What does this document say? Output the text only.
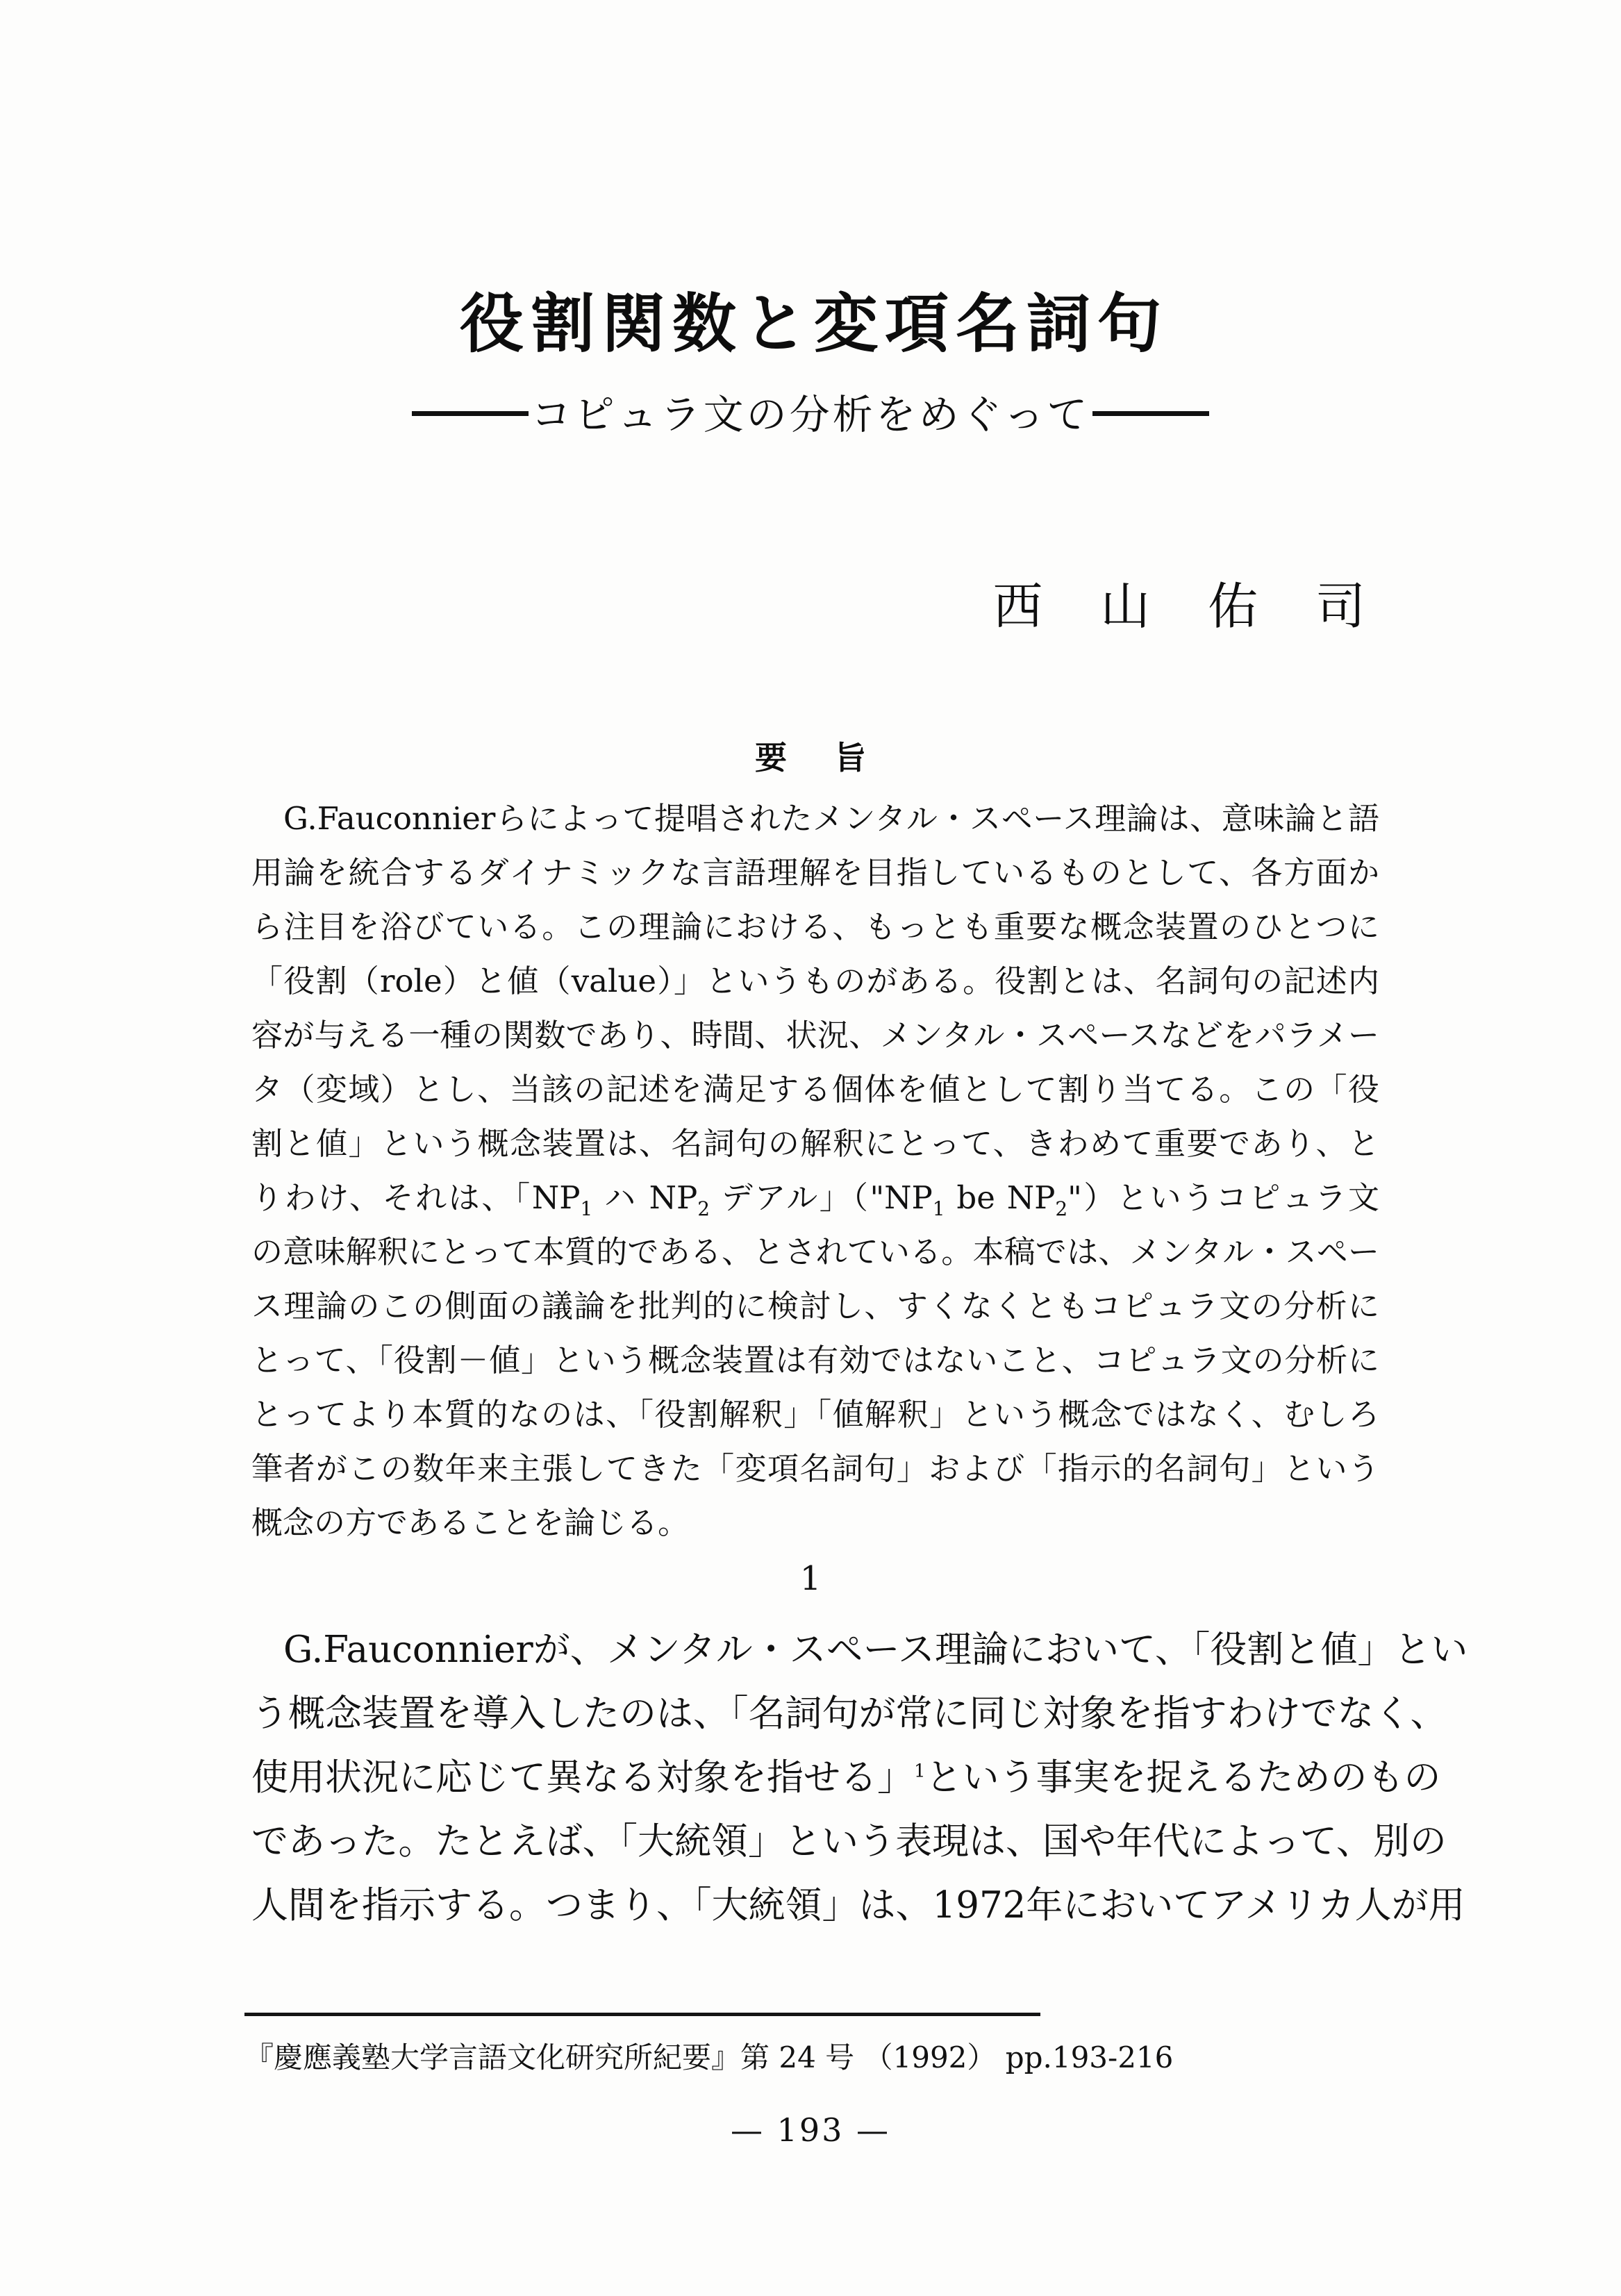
役割関数と変項名詞句
コピュラ文の分析をめぐって
西 山 佑 司
要 旨
G.Fauconnierらによって提唱されたメンタル・スペース理論は、意味論と語
用論を統合するダイナミックな言語理解を目指しているものとして、各方面か
ら注目を浴びている。この理論における、もっとも重要な概念装置のひとつに
「役割（role）と値（value）」というものがある。役割とは、名詞句の記述内
容が与える一種の関数であり、時間、状況、メンタル・スペースなどをパラメー
タ（変域）とし、当該の記述を満足する個体を値として割り当てる。この「役
割と値」という概念装置は、名詞句の解釈にとって、きわめて重要であり、と
りわけ、それは、「$NP_1$ ハ $NP_2$ デアル」（"$NP_1$ be $NP_2$"）というコピュラ文
の意味解釈にとって本質的である、とされている。本稿では、メンタル・スペー
ス理論のこの側面の議論を批判的に検討し、すくなくともコピュラ文の分析に
とって、「役割－値」という概念装置は有効ではないこと、コピュラ文の分析に
とってより本質的なのは、「役割解釈」「値解釈」という概念ではなく、むしろ
筆者がこの数年来主張してきた「変項名詞句」および「指示的名詞句」という
概念の方であることを論じる。
1
G.Fauconnierが、メンタル・スペース理論において、「役割と値」とい
う概念装置を導入したのは、「名詞句が常に同じ対象を指すわけでなく、
使用状況に応じて異なる対象を指せる」$^1$という事実を捉えるためのもの
であった。たとえば、「大統領」という表現は、国や年代によって、別の
人間を指示する。つまり、「大統領」は、1972年においてアメリカ人が用
『慶應義塾大学言語文化研究所紀要』第 24 号 （1992） pp.193-216
— 193 —
